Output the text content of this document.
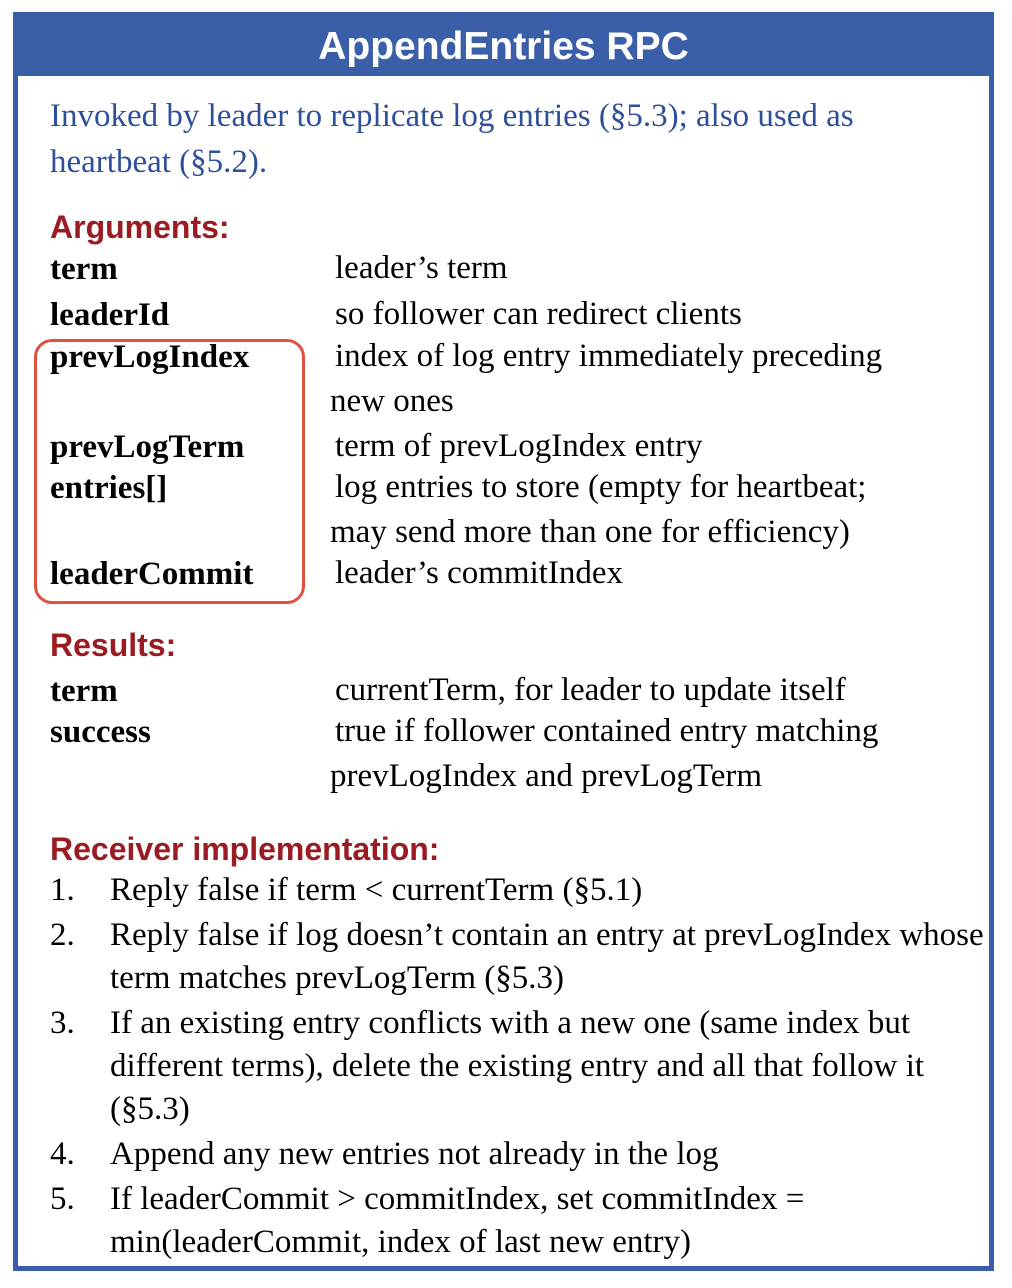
AppendEntries RPC
Invoked by leader to replicate log entries (§5.3); also used as heartbeat (§5.2).
Arguments:
term	leader’s term
leaderId	so follower can redirect clients
prevLogIndex	index of log entry immediately preceding
new ones
prevLogTerm	term of prevLogIndex entry
entries[]	log entries to store (empty for heartbeat;
may send more than one for efficiency)
leaderCommit leader’s commitIndex
Results:
term	currentTerm, for leader to update itself
success	true if follower contained entry matching
prevLogIndex and prevLogTerm
Receiver implementation:
1. Reply false if term < currentTerm (§5.1)
2. Reply false if log doesn’t contain an entry at prevLogIndex whose term matches prevLogTerm (§5.3)
3. If an existing entry conflicts with a new one (same index but different terms), delete the existing entry and all that follow it (§5.3)
4. Append any new entries not already in the log
5. If leaderCommit > commitIndex, set commitIndex = min(leaderCommit, index of last new entry)
